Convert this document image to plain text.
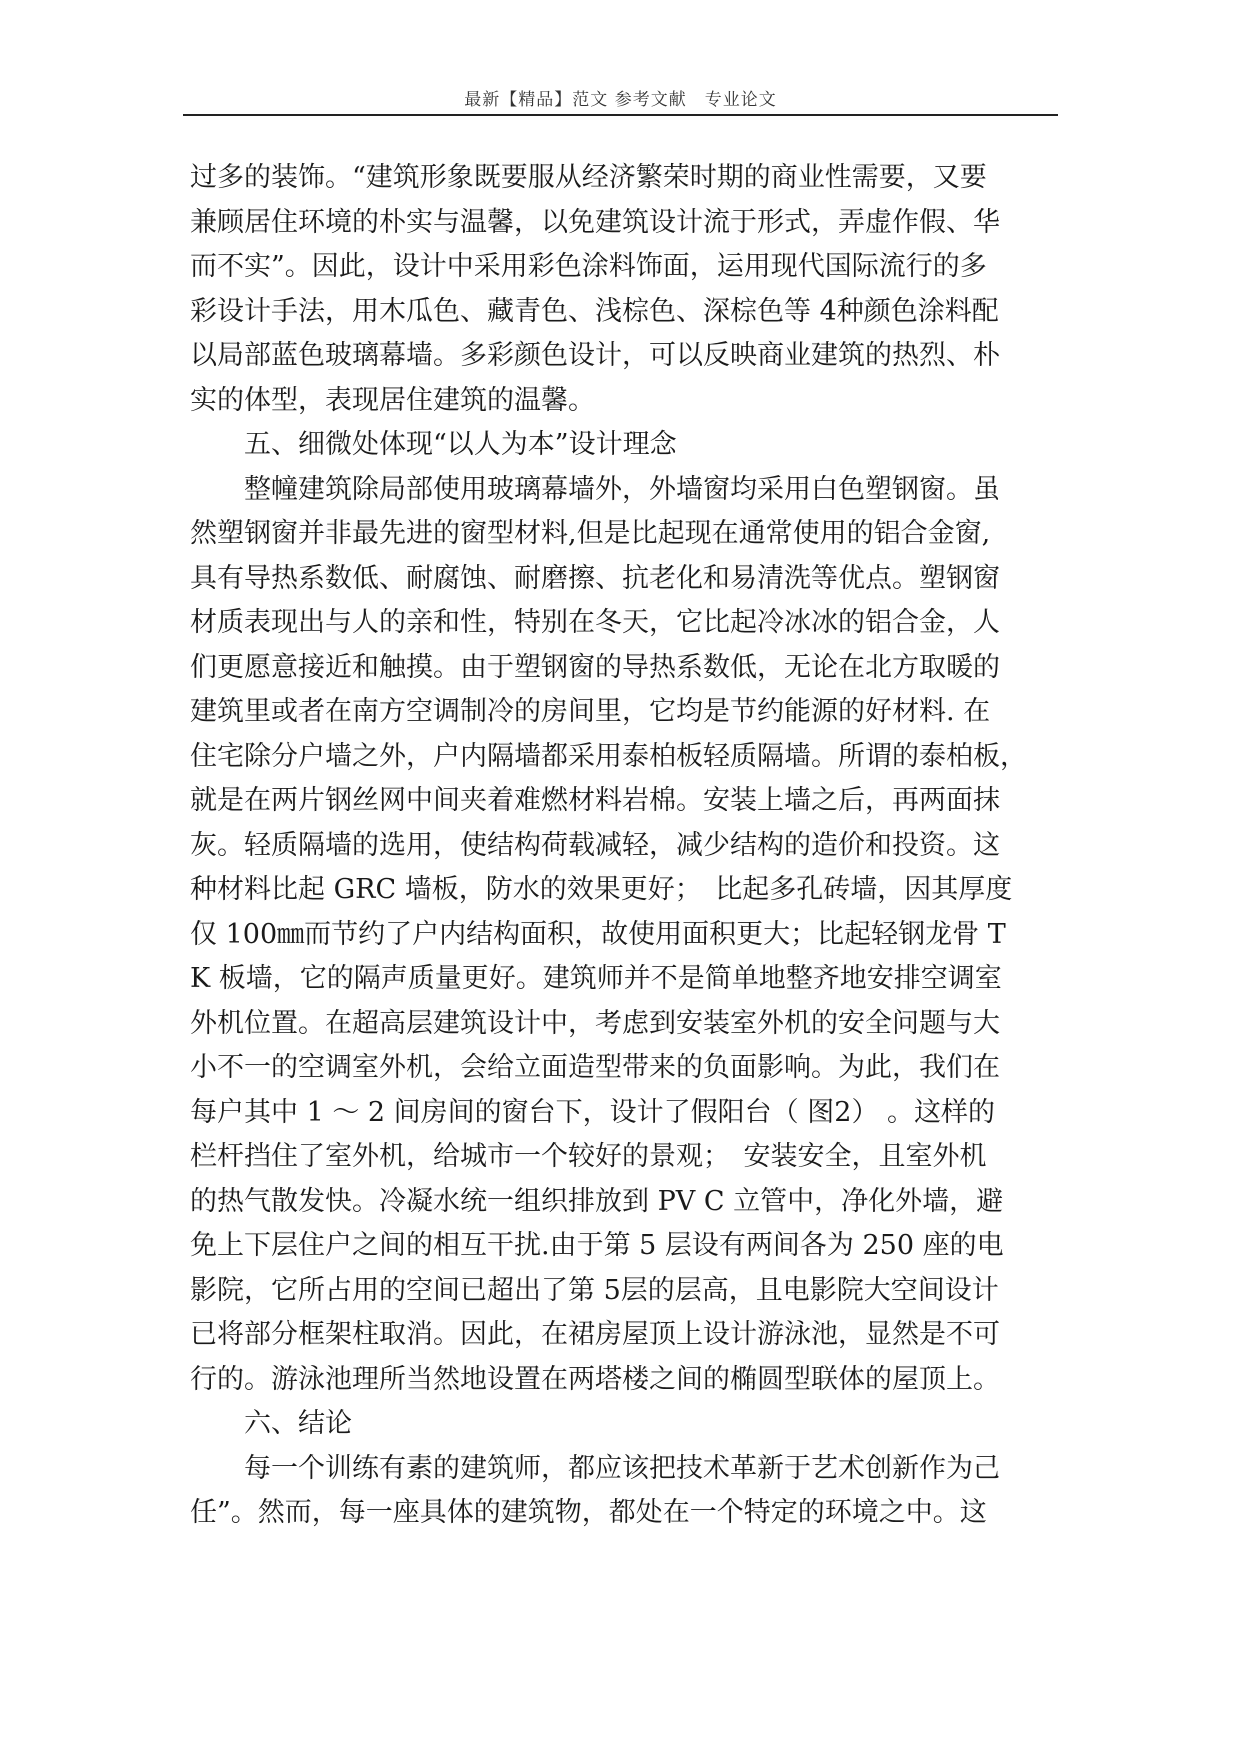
最新【精品】范文 参考文献　专业论文
过多的装饰。“建筑形象既要服从经济繁荣时期的商业性需要，又要
兼顾居住环境的朴实与温馨，以免建筑设计流于形式，弄虚作假、华
而不实”。因此，设计中采用彩色涂料饰面，运用现代国际流行的多
彩设计手法，用木瓜色、藏青色、浅棕色、深棕色等 4种颜色涂料配
以局部蓝色玻璃幕墙。多彩颜色设计，可以反映商业建筑的热烈、朴
实的体型，表现居住建筑的温馨。
五、细微处体现“以人为本”设计理念
整幢建筑除局部使用玻璃幕墙外，外墙窗均采用白色塑钢窗。虽
然塑钢窗并非最先进的窗型材料,但是比起现在通常使用的铝合金窗,
具有导热系数低、耐腐蚀、耐磨擦、抗老化和易清洗等优点。塑钢窗
材质表现出与人的亲和性，特别在冬天，它比起冷冰冰的铝合金，人
们更愿意接近和触摸。由于塑钢窗的导热系数低，无论在北方取暖的
建筑里或者在南方空调制冷的房间里，它均是节约能源的好材料. 在
住宅除分户墙之外，户内隔墙都采用泰柏板轻质隔墙。所谓的泰柏板，
就是在两片钢丝网中间夹着难燃材料岩棉。安装上墙之后，再两面抹
灰。轻质隔墙的选用，使结构荷载减轻，减少结构的造价和投资。这
种材料比起 GRC 墙板，防水的效果更好；　比起多孔砖墙，因其厚度
仅 100㎜而节约了户内结构面积，故使用面积更大；比起轻钢龙骨 T
K 板墙，它的隔声质量更好。建筑师并不是简单地整齐地安排空调室
外机位置。在超高层建筑设计中，考虑到安装室外机的安全问题与大
小不一的空调室外机，会给立面造型带来的负面影响。为此，我们在
每户其中 1 ～ 2 间房间的窗台下，设计了假阳台（ 图2） 。这样的
栏杆挡住了室外机，给城市一个较好的景观；　安装安全，且室外机
的热气散发快。冷凝水统一组织排放到 PV C 立管中，净化外墙，避
免上下层住户之间的相互干扰.由于第 5 层设有两间各为 250 座的电
影院，它所占用的空间已超出了第 5层的层高，且电影院大空间设计
已将部分框架柱取消。因此，在裙房屋顶上设计游泳池，显然是不可
行的。游泳池理所当然地设置在两塔楼之间的椭圆型联体的屋顶上。
六、结论
每一个训练有素的建筑师，都应该把技术革新于艺术创新作为己
任”。然而，每一座具体的建筑物，都处在一个特定的环境之中。这
